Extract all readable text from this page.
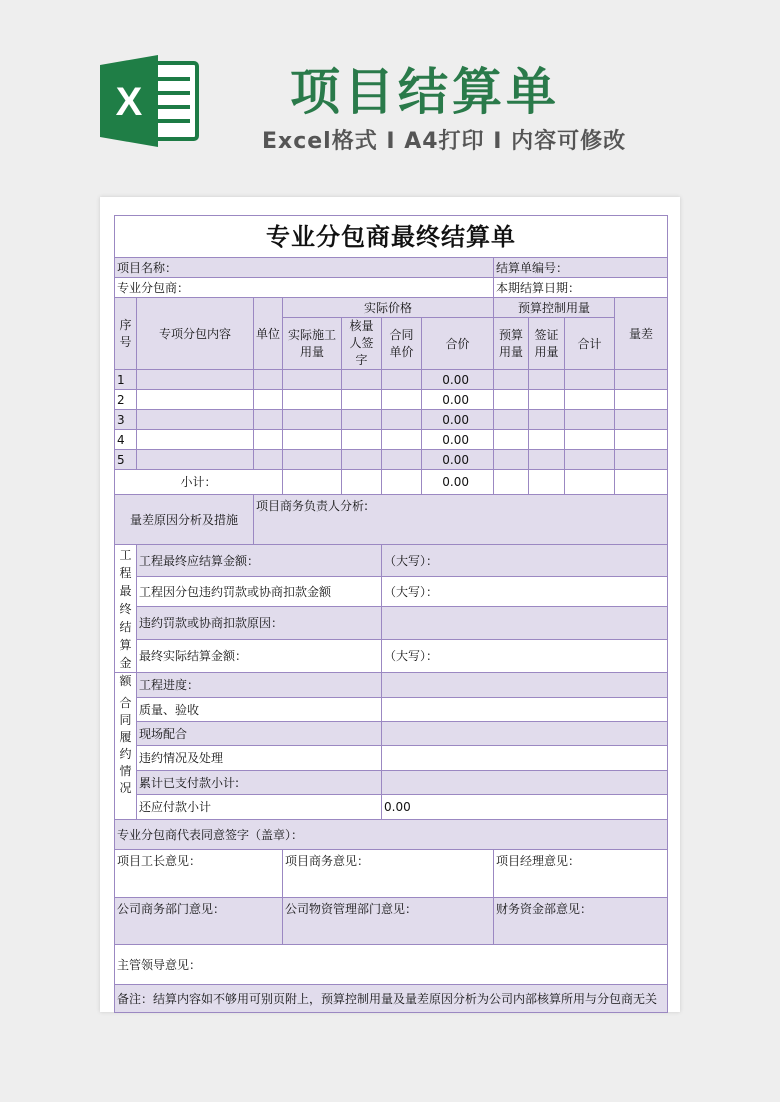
X	项目结算单
Excel格式 I A4打印 I 内容可修改
专业分包商最终结算单										
项目名称：							结算单编号：			
专业分包商：							本期结算日期：			
序号	专项分包内容	单位	实际价格				预算控制用量			量差
			实际施工用量	核量人签字	合同单价	合价	预算用量	签证用量	合计	
1						0.00				
2						0.00				
3						0.00				
4						0.00				
5						0.00				
小计：						0.00				
量差原因分析及措施		项目商务负责人分析:								

工程最终结算金额	工程最终应结算金额：				（大写）：					
	工程因分包违约罚款或协商扣款金额				（大写）：					
	违约罚款或协商扣款原因：									
	最终实际结算金额：				（大写）：					
合同履约情况	工程进度：									
	质量、验收									
	现场配合									
	违约情况及处理									
	累计已支付款小计:									
	还应付款小计				0.00					
专业分包商代表同意签字（盖章）：										
项目工长意见：			项目商务意见：				项目经理意见：			
公司商务部门意见：			公司物资管理部门意见：				财务资金部意见：			
主管领导意见：										
备注：结算内容如不够用可别页附上，预算控制用量及量差原因分析为公司内部核算所用与分包商无关										
